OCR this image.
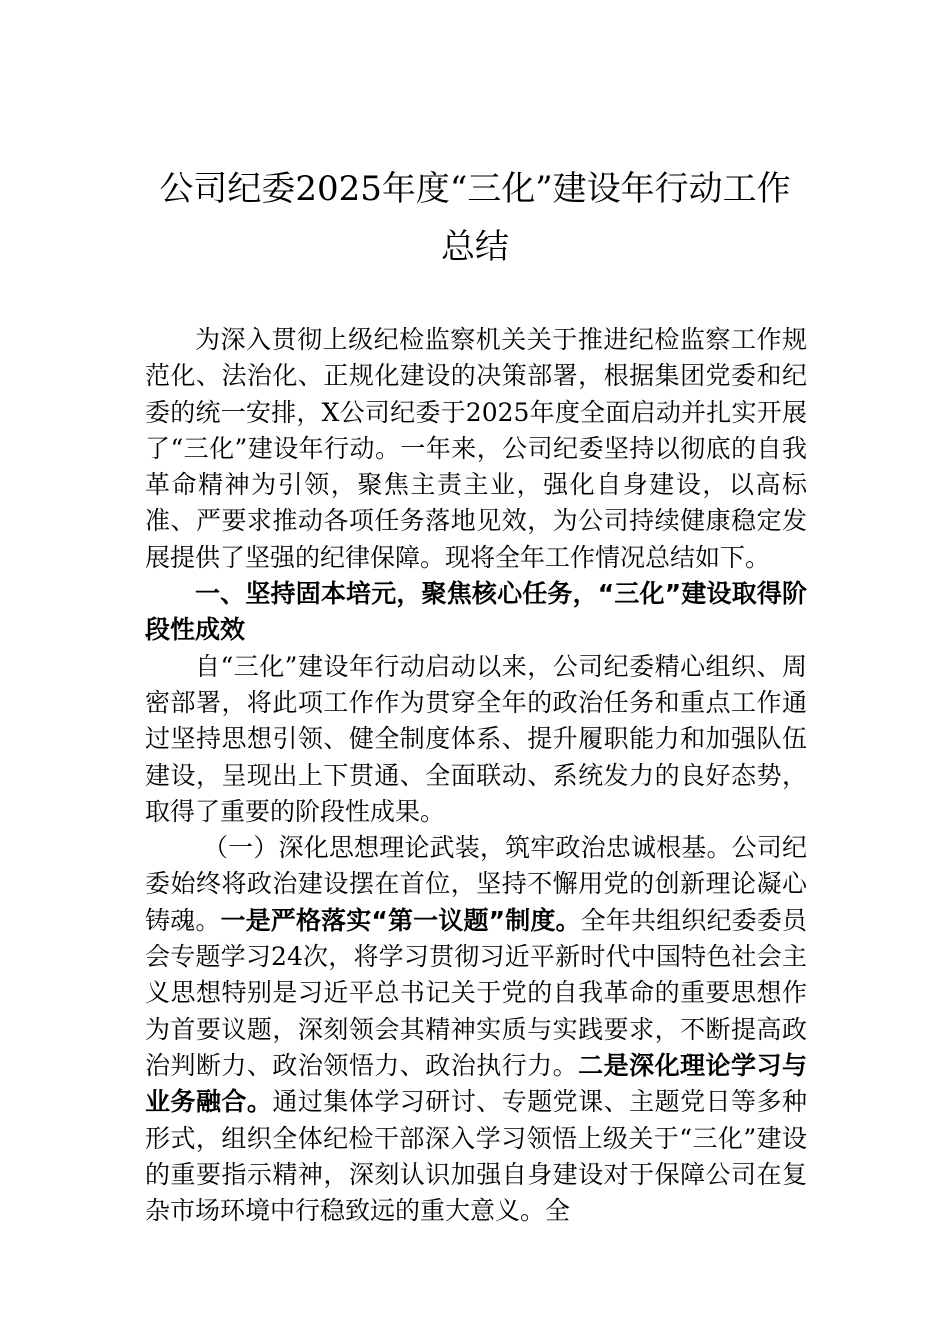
公司纪委2025年度“三化”建设年行动工作
总结

为深入贯彻上级纪检监察机关关于推进纪检监察工作规范化、法治化、正规化建设的决策部署，根据集团党委和纪委的统一安排，X公司纪委于2025年度全面启动并扎实开展了“三化”建设年行动。一年来，公司纪委坚持以彻底的自我革命精神为引领，聚焦主责主业，强化自身建设，以高标准、严要求推动各项任务落地见效，为公司持续健康稳定发展提供了坚强的纪律保障。现将全年工作情况总结如下。

一、坚持固本培元，聚焦核心任务，“三化”建设取得阶段性成效

自“三化”建设年行动启动以来，公司纪委精心组织、周密部署，将此项工作作为贯穿全年的政治任务和重点工作通过坚持思想引领、健全制度体系、提升履职能力和加强队伍建设，呈现出上下贯通、全面联动、系统发力的良好态势，取得了重要的阶段性成果。

（一）深化思想理论武装，筑牢政治忠诚根基。公司纪委始终将政治建设摆在首位，坚持不懈用党的创新理论凝心铸魂。一是严格落实“第一议题”制度。全年共组织纪委委员会专题学习24次，将学习贯彻习近平新时代中国特色社会主义思想特别是习近平总书记关于党的自我革命的重要思想作为首要议题，深刻领会其精神实质与实践要求，不断提高政治判断力、政治领悟力、政治执行力。二是深化理论学习与业务融合。通过集体学习研讨、专题党课、主题党日等多种形式，组织全体纪检干部深入学习领悟上级关于“三化”建设的重要指示精神，深刻认识加强自身建设对于保障公司在复杂市场环境中行稳致远的重大意义。全
